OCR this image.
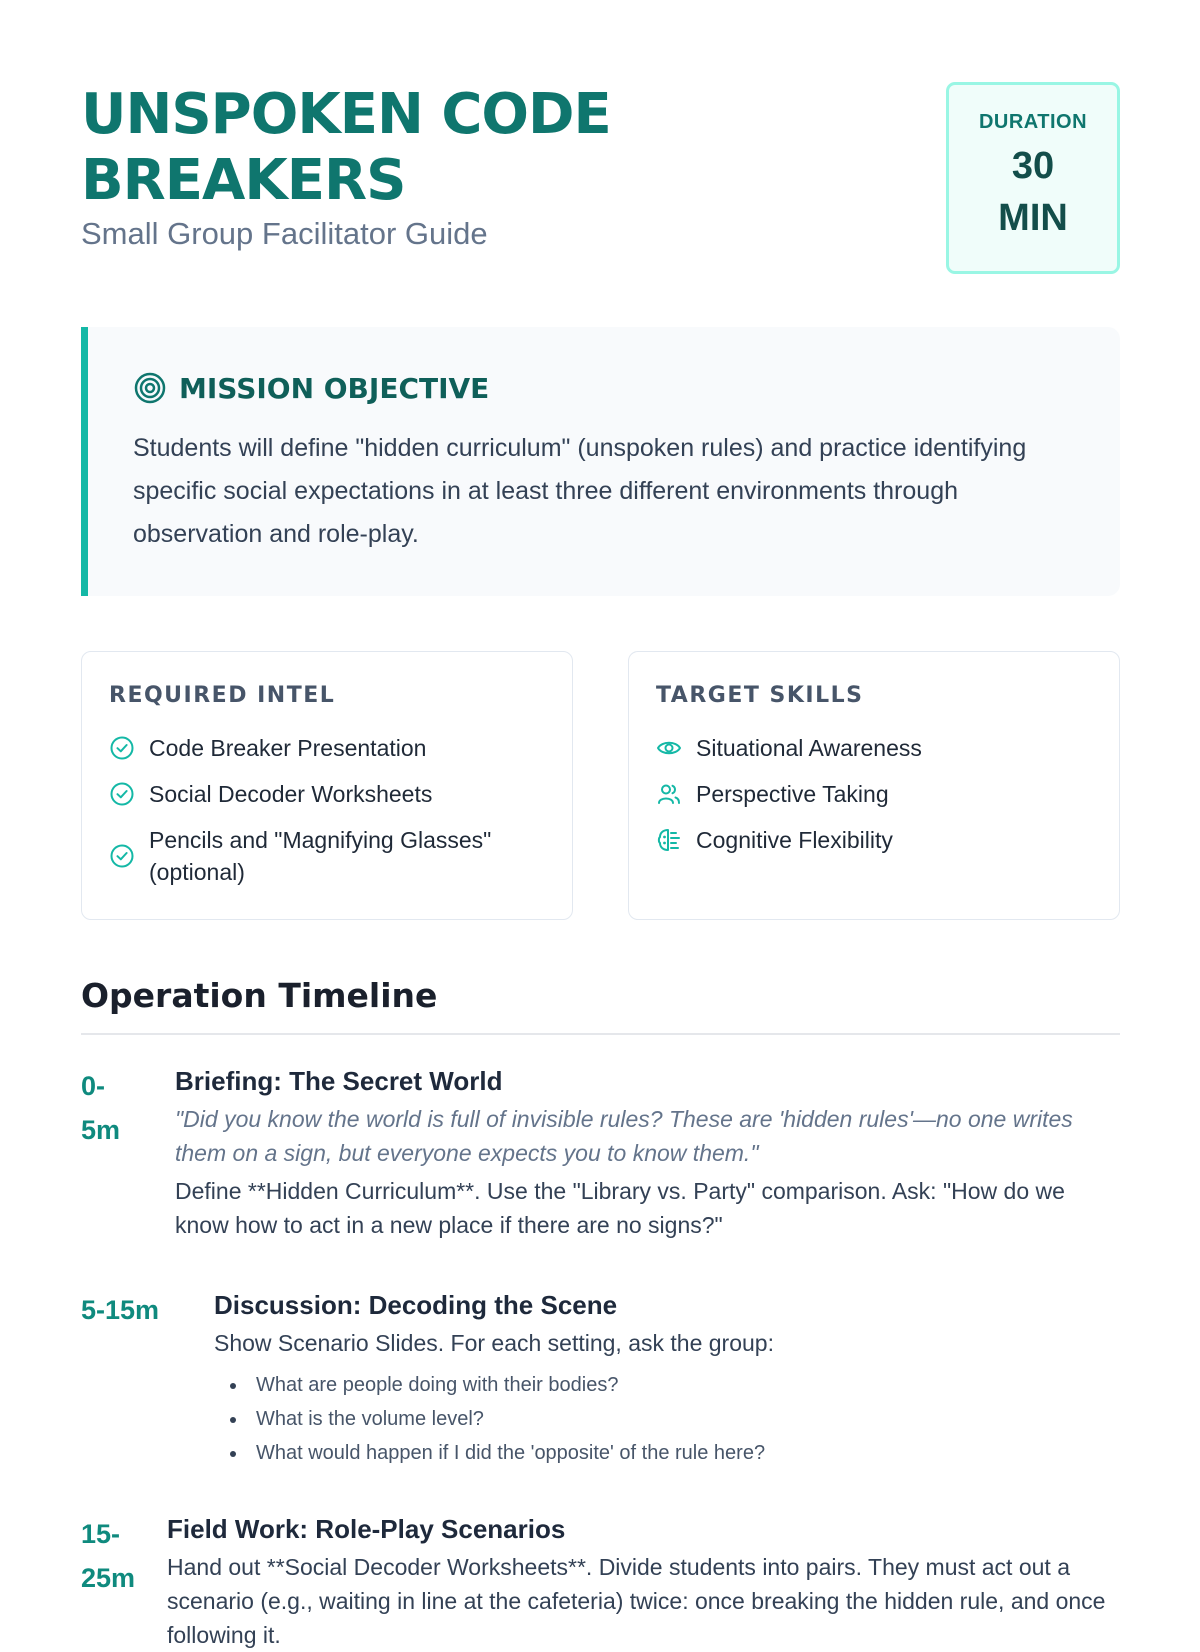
UNSPOKEN CODE BREAKERS
Small Group Facilitator Guide
DURATION
30 MIN
MISSION OBJECTIVE

Students will define "hidden curriculum" (unspoken rules) and practice identifying specific social expectations in at least three different environments through observation and role-play.

REQUIRED INTEL
Code Breaker Presentation
Social Decoder Worksheets
Pencils and "Magnifying Glasses" (optional)
TARGET SKILLS
Situational Awareness
Perspective Taking
Cognitive Flexibility
Operation Timeline
0-5m
Briefing: The Secret World

"Did you know the world is full of invisible rules? These are 'hidden rules'—no one writes them on a sign, but everyone expects you to know them."

Define **Hidden Curriculum**. Use the "Library vs. Party" comparison. Ask: "How do we know how to act in a new place if there are no signs?"

5-15m Discussion: Decoding the Scene

Show Scenario Slides. For each setting, ask the group:

What are people doing with their bodies?
What is the volume level?
What would happen if I did the 'opposite' of the rule here?
15-25m
Field Work: Role-Play Scenarios

Hand out **Social Decoder Worksheets**. Divide students into pairs. They must act out a scenario (e.g., waiting in line at the cafeteria) twice: once breaking the hidden rule, and once following it.
